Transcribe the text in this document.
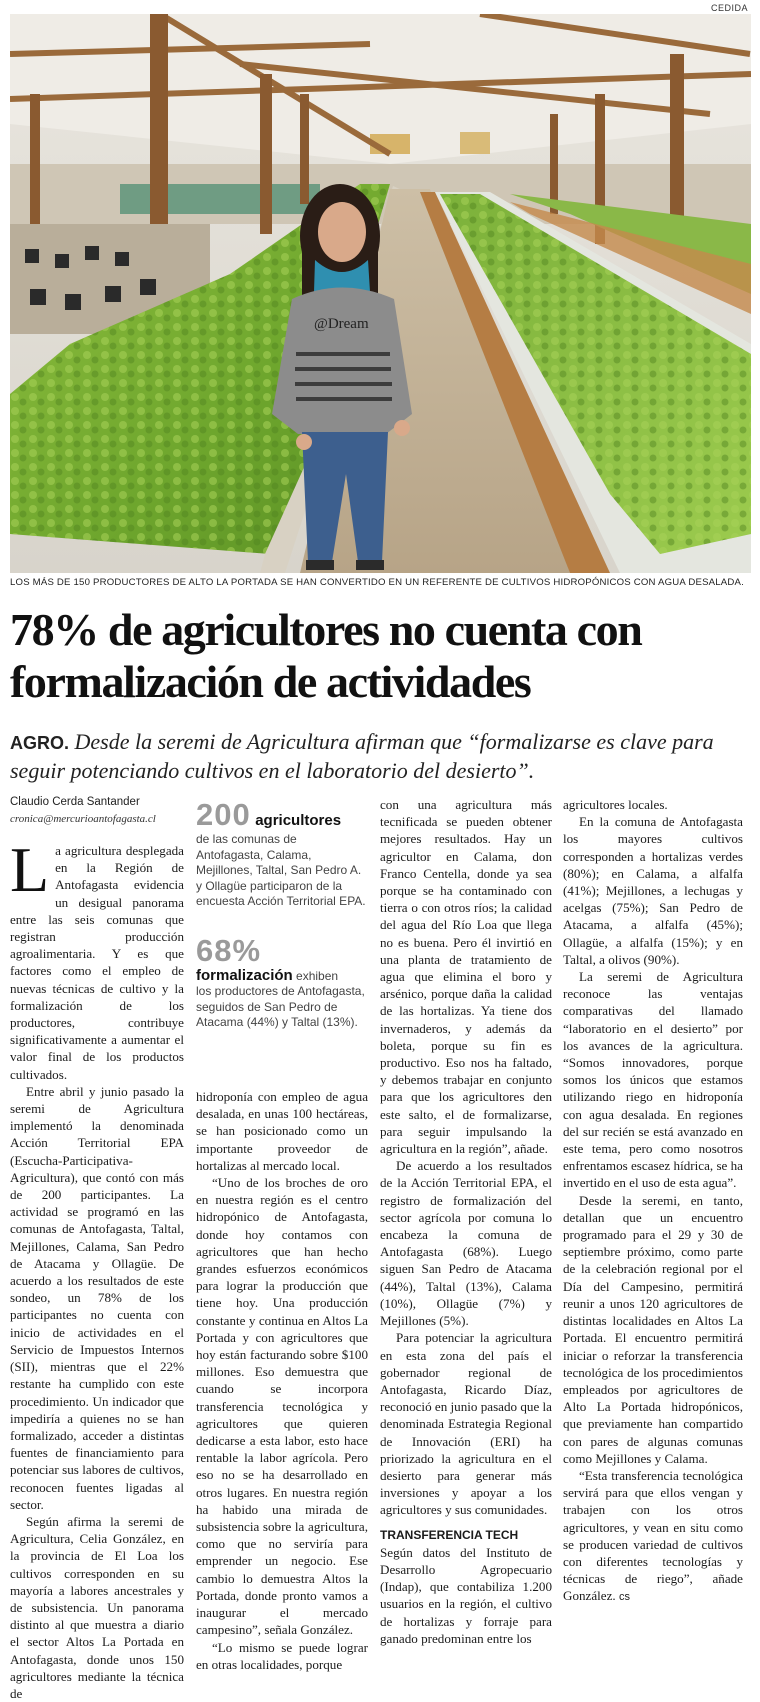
CEDIDA
@Dream
LOS MÁS DE 150 PRODUCTORES DE ALTO LA PORTADA SE HAN CONVERTIDO EN UN REFERENTE DE CULTIVOS HIDROPÓNICOS CON AGUA DESALADA.
78% de agricultores no cuenta con formalización de actividades
AGRO. Desde la seremi de Agricultura afirman que “formalizarse es clave para seguir potenciando cultivos en el laboratorio del desierto”.
Claudio Cerda Santander
cronica@mercurioantofagasta.cl

La agricultura desplegada en la Región de Antofagasta evidencia un desigual panorama entre las seis comunas que registran producción agroalimentaria. Y es que factores como el empleo de nuevas técnicas de cultivo y la formalización de los productores, contribuye significativamente a aumentar el valor final de los productos cultivados.

Entre abril y junio pasado la seremi de Agricultura implementó la denominada Acción Territorial EPA (Escucha-Participativa-Agricultura), que contó con más de 200 participantes. La actividad se programó en las comunas de Antofagasta, Taltal, Mejillones, Calama, San Pedro de Atacama y Ollagüe. De acuerdo a los resultados de este sondeo, un 78% de los participantes no cuenta con inicio de actividades en el Servicio de Impuestos Internos (SII), mientras que el 22% restante ha cumplido con este procedimiento. Un indicador que impediría a quienes no se han formalizado, acceder a distintas fuentes de financiamiento para potenciar sus labores de cultivos, reconocen fuentes ligadas al sector.

Según afirma la seremi de Agricultura, Celia González, en la provincia de El Loa los cultivos corresponden en su mayoría a labores ancestrales y de subsistencia. Un panorama distinto al que muestra a diario el sector Altos La Portada en Antofagasta, donde unos 150 agricultores mediante la técnica de

200 agricultores
de las comunas de Antofagasta, Calama, Mejillones, Taltal, San Pedro A. y Ollagüe participaron de la encuesta Acción Territorial EPA.
68%
formalización exhiben
los productores de Antofagasta, seguidos de San Pedro de Atacama (44%) y Taltal (13%).

hidroponía con empleo de agua desalada, en unas 100 hectáreas, se han posicionado como un importante proveedor de hortalizas al mercado local.

“Uno de los broches de oro en nuestra región es el centro hidropónico de Antofagasta, donde hoy contamos con agricultores que han hecho grandes esfuerzos económicos para lograr la producción que tiene hoy. Una producción constante y continua en Altos La Portada y con agricultores que hoy están facturando sobre $100 millones. Eso demuestra que cuando se incorpora transferencia tecnológica y agricultores que quieren dedicarse a esta labor, esto hace rentable la labor agrícola. Pero eso no se ha desarrollado en otros lugares. En nuestra región ha habido una mirada de subsistencia sobre la agricultura, como que no serviría para emprender un negocio. Ese cambio lo demuestra Altos la Portada, donde pronto vamos a inaugurar el mercado campesino”, señala González.

“Lo mismo se puede lograr en otras localidades, porque

con una agricultura más tecnificada se pueden obtener mejores resultados. Hay un agricultor en Calama, don Franco Centella, donde ya sea porque se ha contaminado con tierra o con otros ríos; la calidad del agua del Río Loa que llega no es buena. Pero él invirtió en una planta de tratamiento de agua que elimina el boro y arsénico, porque daña la calidad de las hortalizas. Ya tiene dos invernaderos, y además da boleta, porque su fin es productivo. Eso nos ha faltado, y debemos trabajar en conjunto para que los agricultores den este salto, el de formalizarse, para seguir impulsando la agricultura en la región”, añade.

De acuerdo a los resultados de la Acción Territorial EPA, el registro de formalización del sector agrícola por comuna lo encabeza la comuna de Antofagasta (68%). Luego siguen San Pedro de Atacama (44%), Taltal (13%), Calama (10%), Ollagüe (7%) y Mejillones (5%).

Para potenciar la agricultura en esta zona del país el gobernador regional de Antofagasta, Ricardo Díaz, reconoció en junio pasado que la denominada Estrategia Regional de Innovación (ERI) ha priorizado la agricultura en el desierto para generar más inversiones y apoyar a los agricultores y sus comunidades.

TRANSFERENCIA TECH

Según datos del Instituto de Desarrollo Agropecuario (Indap), que contabiliza 1.200 usuarios en la región, el cultivo de hortalizas y forraje para ganado predominan entre los

agricultores locales.

En la comuna de Antofagasta los mayores cultivos corresponden a hortalizas verdes (80%); en Calama, a alfalfa (41%); Mejillones, a lechugas y acelgas (75%); San Pedro de Atacama, a alfalfa (45%); Ollagüe, a alfalfa (15%); y en Taltal, a olivos (90%).

La seremi de Agricultura reconoce las ventajas comparativas del llamado “laboratorio en el desierto” por los avances de la agricultura. “Somos innovadores, porque somos los únicos que estamos utilizando riego en hidroponía con agua desalada. En regiones del sur recién se está avanzado en este tema, pero como nosotros enfrentamos escasez hídrica, se ha invertido en el uso de esta agua”.

Desde la seremi, en tanto, detallan que un encuentro programado para el 29 y 30 de septiembre próximo, como parte de la celebración regional por el Día del Campesino, permitirá reunir a unos 120 agricultores de distintas localidades en Altos La Portada. El encuentro permitirá iniciar o reforzar la transferencia tecnológica de los procedimientos empleados por agricultores de Alto La Portada hidropónicos, que previamente han compartido con pares de algunas comunas como Mejillones y Calama.

“Esta transferencia tecnológica servirá para que ellos vengan y trabajen con los otros agricultores, y vean en situ como se producen variedad de cultivos con diferentes tecnologías y técnicas de riego”, añade González. cs
